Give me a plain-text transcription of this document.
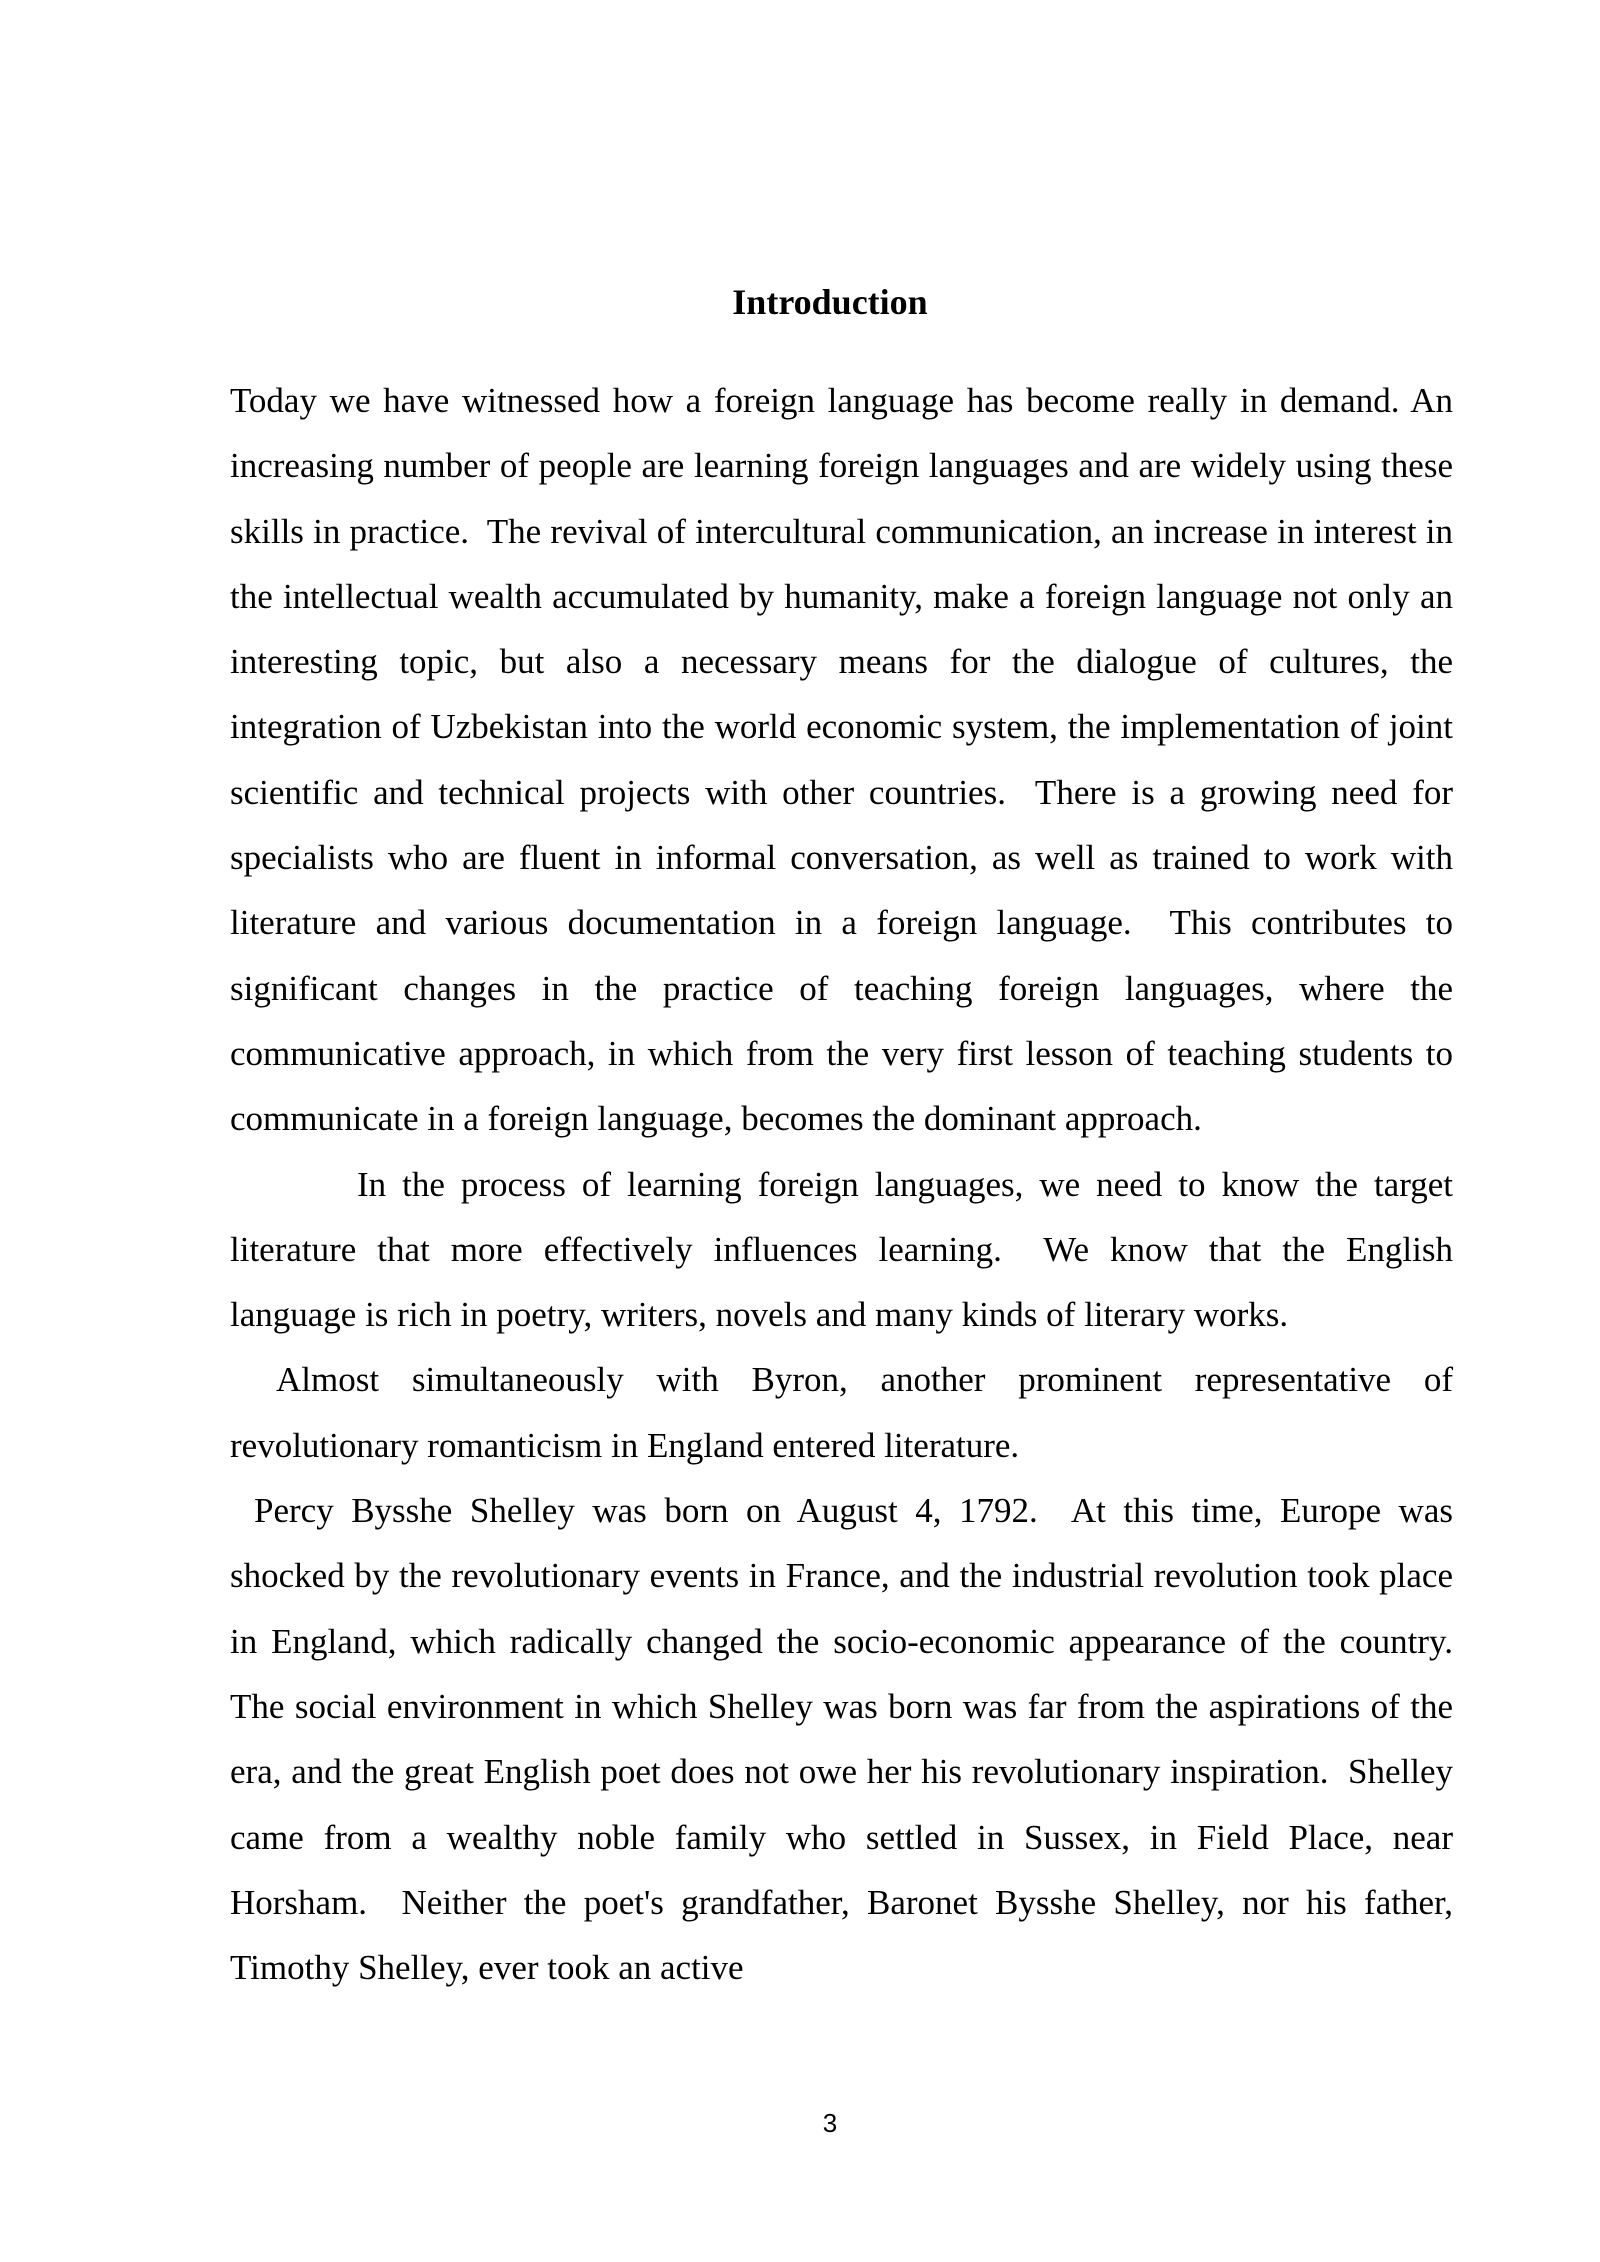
Introduction

Today we have witnessed how a foreign language has become really in demand. An increasing number of people are learning foreign languages and are widely using these skills in practice.  The revival of intercultural communication, an increase in interest in the intellectual wealth accumulated by humanity, make a foreign language not only an interesting topic, but also a necessary means for the dialogue of cultures, the integration of Uzbekistan into the world economic system, the implementation of joint scientific and technical projects with other countries.  There is a growing need for specialists who are fluent in informal conversation, as well as trained to work with literature and various documentation in a foreign language.  This contributes to significant changes in the practice of teaching foreign languages, where the communicative approach, in which from the very first lesson of teaching students to communicate in a foreign language, becomes the dominant approach.

In the process of learning foreign languages, we need to know the target literature that more effectively influences learning.  We know that the English language is rich in poetry, writers, novels and many kinds of literary works.

Almost simultaneously with Byron, another prominent representative of revolutionary romanticism in England entered literature.

Percy Bysshe Shelley was born on August 4, 1792.  At this time, Europe was shocked by the revolutionary events in France, and the industrial revolution took place in England, which radically changed the socio-economic appearance of the country.  The social environment in which Shelley was born was far from the aspirations of the era, and the great English poet does not owe her his revolutionary inspiration.  Shelley came from a wealthy noble family who settled in Sussex, in Field Place, near Horsham.  Neither the poet's grandfather, Baronet Bysshe Shelley, nor his father, Timothy Shelley, ever took an active

3
